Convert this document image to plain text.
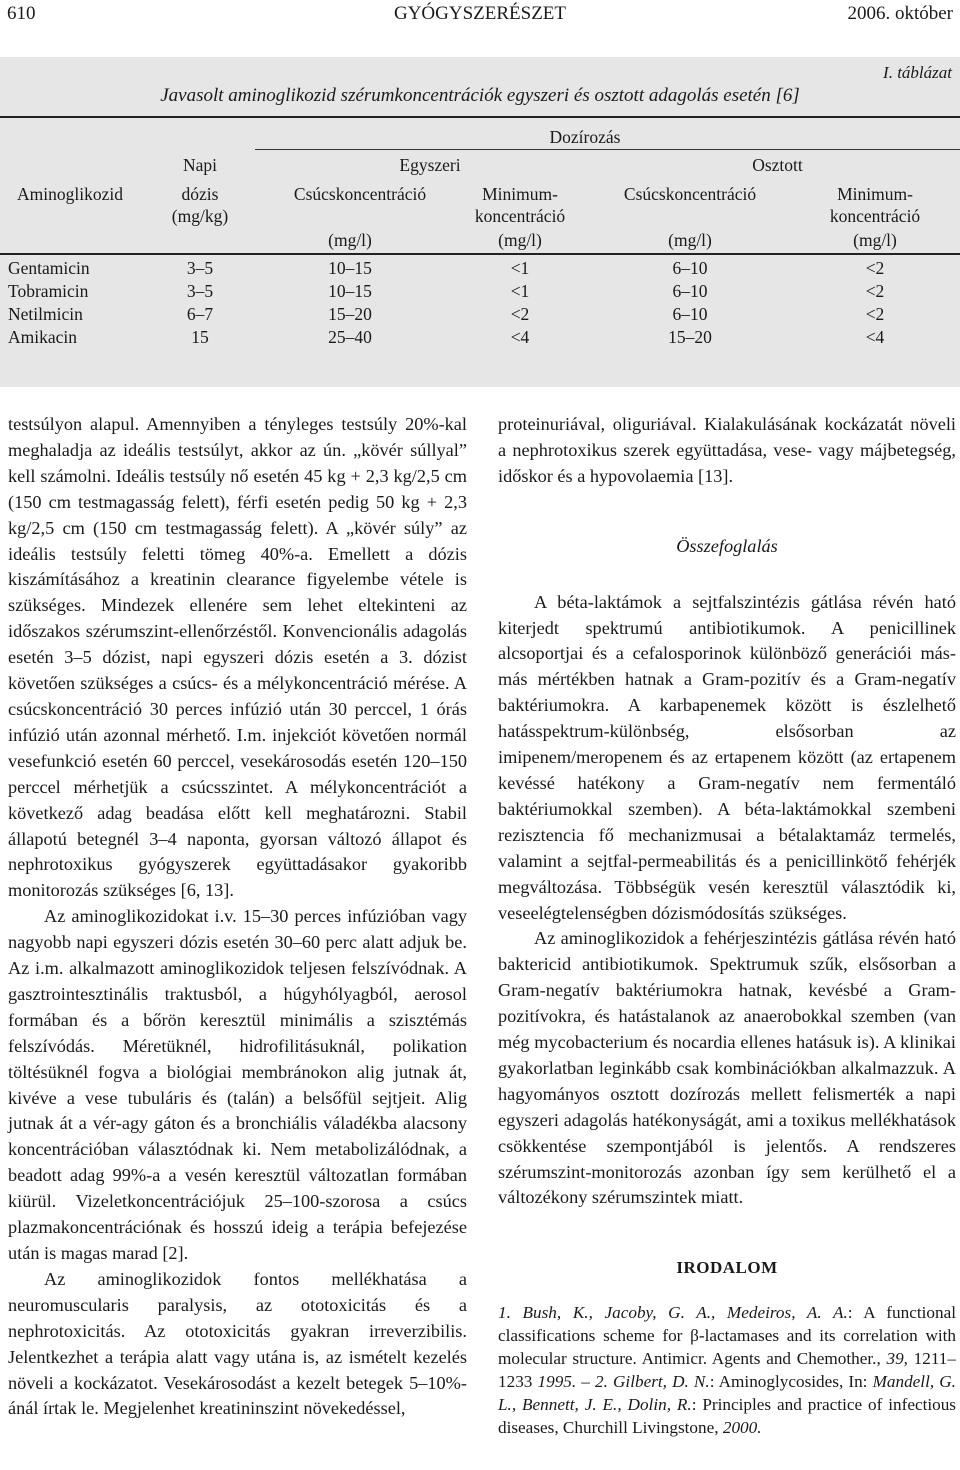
610	GYÓGYSZERÉSZET	2006. október
I. táblázat
Javasolt aminoglikozid szérumkoncentrációk egyszeri és osztott adagolás esetén [6]
Dozírozás
Egyszeri	Osztott
Napi
Aminoglikozid	dózis
(mg/kg)
Csúcskoncentráció	Minimum-
koncentráció
Csúcskoncentráció	Minimum-
koncentráció
(mg/l)	(mg/l)	(mg/l)	(mg/l)
Gentamicin	3–5	10–15	<1	6–10	<2
Tobramicin	3–5	10–15	<1	6–10	<2
Netilmicin	6–7	15–20	<2	6–10	<2
Amikacin	15	25–40	<4	15–20	<4

testsúlyon alapul. Amennyiben a tényleges testsúly 20%-kal meghaladja az ideális testsúlyt, akkor az ún. „kövér súllyal” kell számolni. Ideális testsúly nő esetén 45 kg + 2,3 kg/2,5 cm (150 cm testmagasság felett), férfi esetén pedig 50 kg + 2,3 kg/2,5 cm (150 cm testmagasság felett). A „kövér súly” az ideális testsúly feletti tömeg 40%-a. Emellett a dózis kiszámításához a kreatinin clearance figyelembe vétele is szükséges. Mindezek ellenére sem lehet eltekinteni az időszakos szérumszint-ellenőrzéstől. Konvencionális adagolás esetén 3–5 dózist, napi egyszeri dózis esetén a 3. dózist követően szükséges a csúcs- és a mélykoncentráció mérése. A csúcskoncentráció 30 perces infúzió után 30 perccel, 1 órás infúzió után azonnal mérhető. I.m. injekciót követően normál vesefunkció esetén 60 perccel, vesekárosodás esetén 120–150 perccel mérhetjük a csúcsszintet. A mélykoncentrációt a következő adag beadása előtt kell meghatározni. Stabil állapotú betegnél 3–4 naponta, gyorsan változó állapot és nephrotoxikus gyógyszerek együttadásakor gyakoribb monitorozás szükséges [6, 13].

Az aminoglikozidokat i.v. 15–30 perces infúzióban vagy nagyobb napi egyszeri dózis esetén 30–60 perc alatt adjuk be. Az i.m. alkalmazott aminoglikozidok teljesen felszívódnak. A gasztrointesztinális traktusból, a húgyhólyagból, aerosol formában és a bőrön keresztül minimális a szisztémás felszívódás. Méretüknél, hidrofilitásuknál, polikation töltésüknél fogva a biológiai membránokon alig jutnak át, kivéve a vese tubuláris és (talán) a belsőfül sejtjeit. Alig jutnak át a vér-agy gáton és a bronchiális váladékba alacsony koncentrációban választódnak ki. Nem metabolizálódnak, a beadott adag 99%-a a vesén keresztül változatlan formában kiürül. Vizeletkoncentrációjuk 25–100-szorosa a csúcs plazmakoncentrációnak és hosszú ideig a terápia befejezése után is magas marad [2].

Az aminoglikozidok fontos mellékhatása a neuromuscularis paralysis, az ototoxicitás és a nephrotoxicitás. Az ototoxicitás gyakran irreverzibilis. Jelentkezhet a terápia alatt vagy utána is, az ismételt kezelés növeli a kockázatot. Vesekárosodást a kezelt betegek 5–10%-ánál írtak le. Megjelenhet kreatininszint növekedéssel,

proteinuriával, oliguriával. Kialakulásának kockázatát növeli a nephrotoxikus szerek együttadása, vese- vagy májbetegség, időskor és a hypovolaemia [13].

Összefoglalás

A béta-laktámok a sejtfalszintézis gátlása révén ható kiterjedt spektrumú antibiotikumok. A penicillinek alcsoportjai és a cefalosporinok különböző generációi más-más mértékben hatnak a Gram-pozitív és a Gram-negatív baktériumokra. A karbapenemek között is észlelhető hatásspektrum-különbség, elsősorban az imipenem/meropenem és az ertapenem között (az ertapenem kevéssé hatékony a Gram-negatív nem fermentáló baktériumokkal szemben). A béta-laktámokkal szembeni rezisztencia fő mechanizmusai a bétalaktamáz termelés, valamint a sejtfal-permeabilitás és a penicillinkötő fehérjék megváltozása. Többségük vesén keresztül választódik ki, veseelégtelenségben dózismódosítás szükséges.

Az aminoglikozidok a fehérjeszintézis gátlása révén ható baktericid antibiotikumok. Spektrumuk szűk, elsősorban a Gram-negatív baktériumokra hatnak, kevésbé a Gram-pozitívokra, és hatástalanok az anaerobokkal szemben (van még mycobacterium és nocardia ellenes hatásuk is). A klinikai gyakorlatban leginkább csak kombinációkban alkalmazzuk. A hagyományos osztott dozírozás mellett felismerték a napi egyszeri adagolás hatékonyságát, ami a toxikus mellékhatások csökkentése szempontjából is jelentős. A rendszeres szérumszint-monitorozás azonban így sem kerülhető el a változékony szérumszintek miatt.

IRODALOM

1. Bush, K., Jacoby, G. A., Medeiros, A. A.: A functional classifications scheme for β-lactamases and its correlation with molecular structure. Antimicr. Agents and Chemother., 39, 1211–1233 1995. – 2. Gilbert, D. N.: Aminoglycosides, In: Mandell, G. L., Bennett, J. E., Dolin, R.: Principles and practice of infectious diseases, Churchill Livingstone, 2000.
